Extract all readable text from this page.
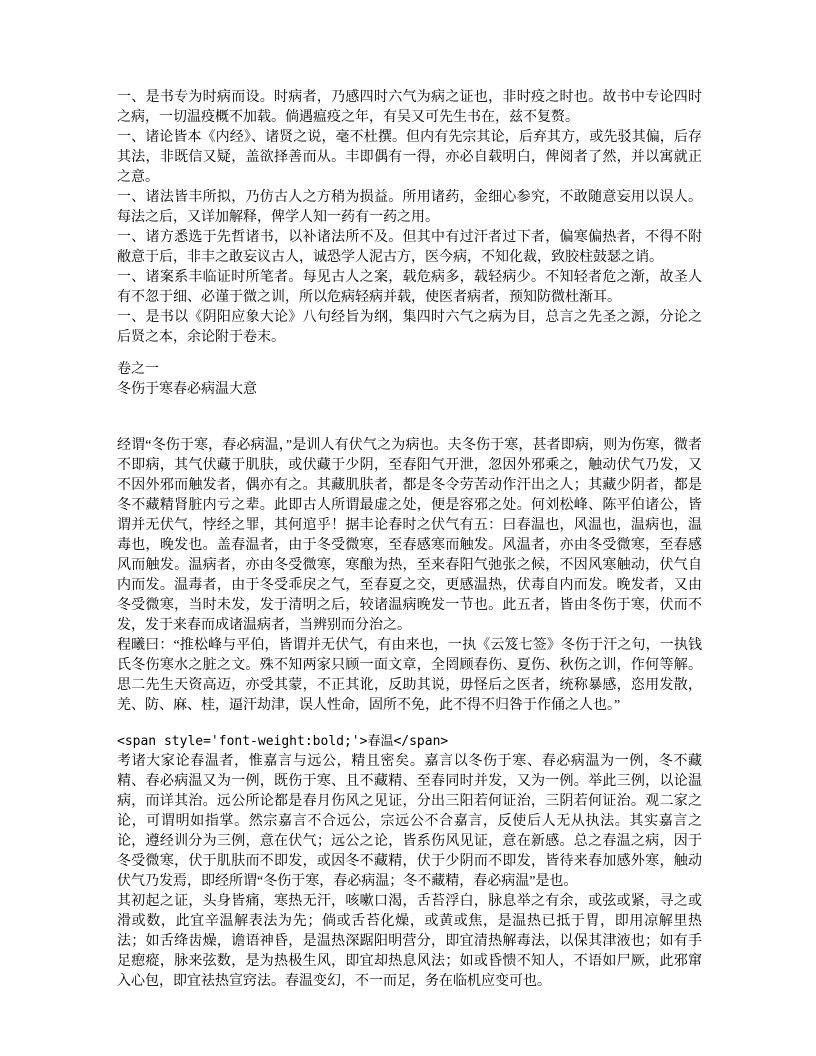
一、是书专为时病而设。时病者，乃感四时六气为病之证也，非时疫之时也。故书中专论四时之病，一切温疫概不加载。倘遇瘟疫之年，有吴又可先生书在，兹不复赘。

一、诸论皆本《内经》、诸贤之说，毫不杜撰。但内有先宗其论，后弃其方，或先驳其偏，后存其法，非既信又疑，盖欲择善而从。丰即偶有一得，亦必自载明白，俾阅者了然，并以寓就正之意。

一、诸法皆丰所拟，乃仿古人之方稍为损益。所用诸药，金细心参究，不敢随意妄用以误人。每法之后，又详加解释，俾学人知一药有一药之用。

一、诸方悉选于先哲诸书，以补诸法所不及。但其中有过汗者过下者，偏寒偏热者，不得不附敝意于后，非丰之敢妄议古人，诚恐学人泥古方，医今病，不知化裁，致胶柱鼓瑟之诮。

一、诸案系丰临证时所笔者。每见古人之案，载危病多，载轻病少。不知轻者危之渐，故圣人有不忽于细、必谨于微之训，所以危病轻病并载，使医者病者，预知防微杜渐耳。

一、是书以《阴阳应象大论》八句经旨为纲，集四时六气之病为目，总言之先圣之源，分论之后贤之本，余论附于卷末。

卷之一

冬伤于寒春必病温大意

经谓“冬伤于寒，春必病温，”是训人有伏气之为病也。夫冬伤于寒，甚者即病，则为伤寒，微者不即病，其气伏藏于肌肤，或伏藏于少阴，至春阳气开泄，忽因外邪乘之，触动伏气乃发，又不因外邪而触发者，偶亦有之。其藏肌肤者，都是冬令劳苦动作汗出之人；其藏少阴者，都是冬不藏精肾脏内亏之辈。此即古人所谓最虚之处，便是容邪之处。何刘松峰、陈平伯诸公，皆谓并无伏气，悖经之罪，其何逭乎！据丰论春时之伏气有五：曰春温也，风温也，温病也，温毒也，晚发也。盖春温者，由于冬受微寒，至春感寒而触发。风温者，亦由冬受微寒，至春感风而触发。温病者，亦由冬受微寒，寒酿为热，至来春阳气弛张之候，不因风寒触动，伏气自内而发。温毒者，由于冬受乖戾之气，至春夏之交，更感温热，伏毒自内而发。晚发者，又由冬受微寒，当时未发，发于清明之后，较诸温病晚发一节也。此五者，皆由冬伤于寒，伏而不发，发于来春而成诸温病者，当辨别而分治之。

程曦曰：“推松峰与平伯，皆谓并无伏气，有由来也，一执《云笈七签》冬伤于汗之句，一执钱氏冬伤寒水之脏之文。殊不知两家只顾一面文章，全罔顾春伤、夏伤、秋伤之训，作何等解。思二先生天资高迈，亦受其蒙，不正其讹，反助其说，毋怪后之医者，统称暴感，恣用发散，羌、防、麻、桂，逼汗劫津，误人性命，固所不免，此不得不归咎于作俑之人也。”

<span style='font-weight:bold;'>春温</span>

考诸大家论春温者，惟嘉言与远公，精且密矣。嘉言以冬伤于寒、春必病温为一例，冬不藏精、春必病温又为一例，既伤于寒、且不藏精、至春同时并发，又为一例。举此三例，以论温病，而详其治。远公所论都是春月伤风之见证，分出三阳若何证治，三阴若何证治。观二家之论，可谓明如指掌。然宗嘉言不合远公，宗远公不合嘉言，反使后人无从执法。其实嘉言之论，遵经训分为三例，意在伏气；远公之论，皆系伤风见证，意在新感。总之春温之病，因于冬受微寒，伏于肌肤而不即发，或因冬不藏精，伏于少阴而不即发，皆待来春加感外寒，触动伏气乃发焉，即经所谓“冬伤于寒，春必病温；冬不藏精，春必病温”是也。

其初起之证，头身皆痛，寒热无汗，咳嗽口渴，舌苔浮白，脉息举之有余，或弦或紧，寻之或滑或数，此宜辛温解表法为先；倘或舌苔化燥，或黄或焦，是温热已抵于胃，即用凉解里热法；如舌绛齿燥，谵语神昏，是温热深踞阳明营分，即宜清热解毒法，以保其津液也；如有手足瘛瘲，脉来弦数，是为热极生风，即宜却热息风法；如或昏愦不知人，不语如尸厥，此邪窜入心包，即宜祛热宣窍法。春温变幻，不一而足，务在临机应变可也。
